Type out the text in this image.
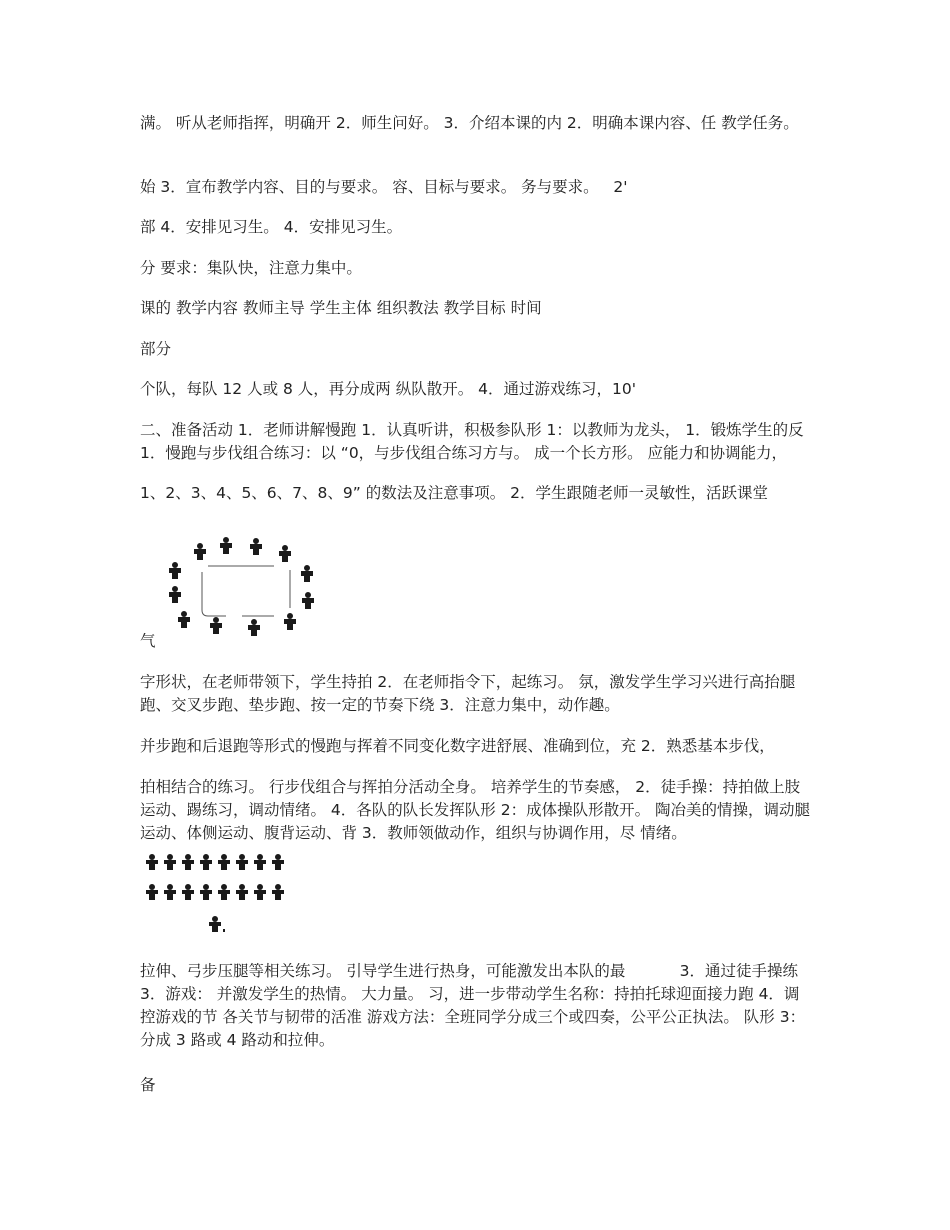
满。 听从老师指挥，明确开 2．师生问好。 3．介绍本课的内 2．明确本课内容、任 教学任务。

始 3．宣布教学内容、目的与要求。 容、目标与要求。 务与要求。   2'

部 4．安排见习生。 4．安排见习生。

分 要求：集队快，注意力集中。

课的 教学内容 教师主导 学生主体 组织教法 教学目标 时间

部分

个队，每队 12 人或 8 人，再分成两 纵队散开。 4．通过游戏练习，10'

二、准备活动 1．老师讲解慢跑 1．认真听讲，积极参队形 1：以教师为龙头， 1．锻炼学生的反 1．慢跑与步伐组合练习：以 “0，与步伐组合练习方与。 成一个长方形。 应能力和协调能力，

1、2、3、4、5、6、7、8、9” 的数法及注意事项。 2．学生跟随老师一灵敏性，活跃课堂

气

字形状，在老师带领下，学生持拍 2．在老师指令下，起练习。 氛，激发学生学习兴进行高抬腿跑、交叉步跑、垫步跑、按一定的节奏下绕 3．注意力集中，动作趣。

并步跑和后退跑等形式的慢跑与挥着不同变化数字进舒展、准确到位，充 2．熟悉基本步伐，

拍相结合的练习。 行步伐组合与挥拍分活动全身。 培养学生的节奏感， 2．徒手操：持拍做上肢运动、踢练习，调动情绪。 4．各队的队长发挥队形 2：成体操队形散开。 陶冶美的情操，调动腿运动、体侧运动、腹背运动、背 3．教师领做动作，组织与协调作用，尽 情绪。

拉伸、弓步压腿等相关练习。 引导学生进行热身，可能激发出本队的最           3．通过徒手操练 3．游戏： 并激发学生的热情。 大力量。 习，进一步带动学生名称：持拍托球迎面接力跑 4．调控游戏的节 各关节与韧带的活准 游戏方法：全班同学分成三个或四奏，公平公正执法。 队形 3：分成 3 路或 4 路动和拉伸。

备
